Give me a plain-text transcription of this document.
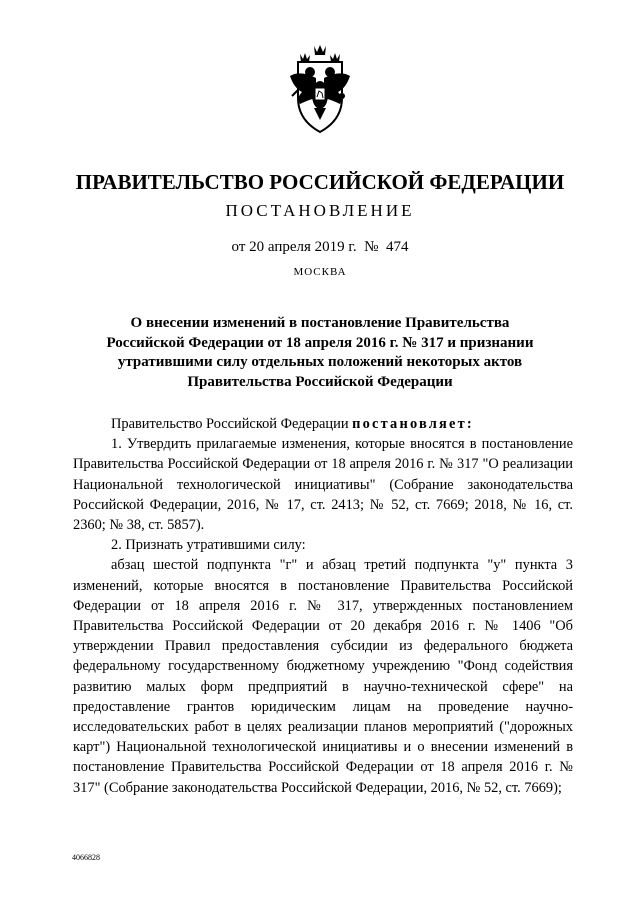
ПРАВИТЕЛЬСТВО РОССИЙСКОЙ ФЕДЕРАЦИИ
ПОСТАНОВЛЕНИЕ
от 20 апреля 2019 г.  №  474
МОСКВА
О внесении изменений в постановление Правительства
Российской Федерации от 18 апреля 2016 г. № 317 и признании
утратившими силу отдельных положений некоторых актов
Правительства Российской Федерации

Правительство Российской Федерации постановляет:

1. Утвердить прилагаемые изменения, которые вносятся в постановление Правительства Российской Федерации от 18 апреля 2016 г. № 317 "О реализации Национальной технологической инициативы" (Собрание законодательства Российской Федерации, 2016, № 17, ст. 2413; № 52, ст. 7669; 2018, № 16, ст. 2360; № 38, ст. 5857).

2. Признать утратившими силу:

абзац шестой подпункта "г" и абзац третий подпункта "у" пункта 3 изменений, которые вносятся в постановление Правительства Российской Федерации от 18 апреля 2016 г. № 317, утвержденных постановлением Правительства Российской Федерации от 20 декабря 2016 г. № 1406 "Об утверждении Правил предоставления субсидии из федерального бюджета федеральному государственному бюджетному учреждению "Фонд содействия развитию малых форм предприятий в научно-технической сфере" на предоставление грантов юридическим лицам на проведение научно-исследовательских работ в целях реализации планов мероприятий ("дорожных карт") Национальной технологической инициативы и о внесении изменений в постановление Правительства Российской Федерации от 18 апреля 2016 г. № 317" (Собрание законодательства Российской Федерации, 2016, № 52, ст. 7669);

4066828
